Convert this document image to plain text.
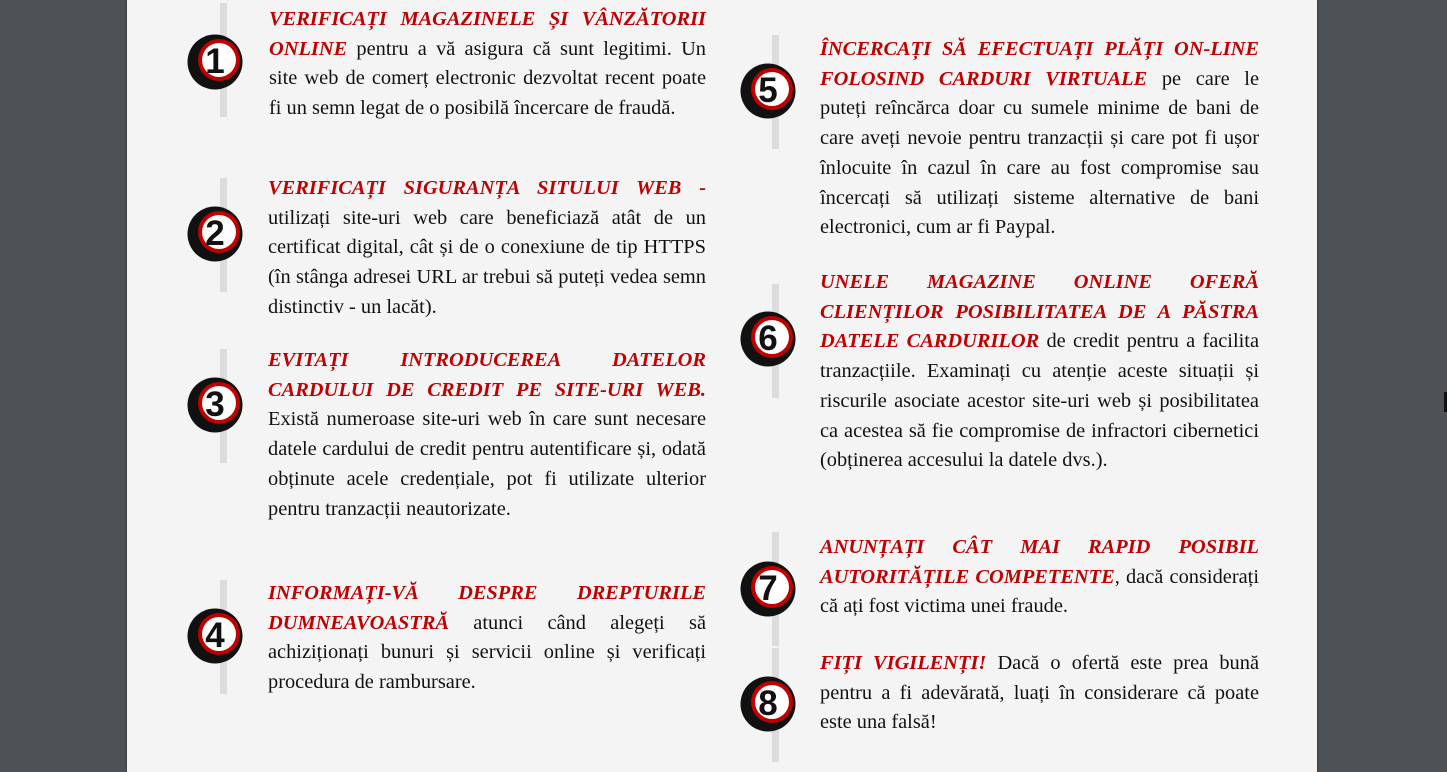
1
VERIFICAȚI MAGAZINELE ȘI VÂNZĂTORII ONLINE pentru a vă asigura că sunt legitimi. Un site web de comerț electronic dezvoltat recent poate fi un semn legat de o posibilă încercare de fraudă.
2
VERIFICAȚI SIGURANȚA SITULUI WEB - utilizați site-uri web care beneficiază atât de un certificat digital, cât și de o conexiune de tip HTTPS (în stânga adresei URL ar trebui să puteți vedea semn distinctiv - un lacăt).
3
EVITAȚI INTRODUCEREA DATELOR CARDULUI DE CREDIT PE SITE-URI WEB. Există numeroase site-uri web în care sunt necesare datele cardului de credit pentru autentificare și, odată obținute acele credențiale, pot fi utilizate ulterior pentru tranzacții neautorizate.
4
INFORMAȚI-VĂ DESPRE DREPTURILE DUMNEAVOASTRĂ atunci când alegeți să achiziționați bunuri și servicii online și verificați procedura de rambursare.
5
ÎNCERCAȚI SĂ EFECTUAȚI PLĂȚI ON-LINE FOLOSIND CARDURI VIRTUALE pe care le puteți reîncărca doar cu sumele minime de bani de care aveți nevoie pentru tranzacții și care pot fi ușor înlocuite în cazul în care au fost compromise sau încercați să utilizați sisteme alternative de bani electronici, cum ar fi Paypal.
6
UNELE MAGAZINE ONLINE OFERĂ CLIENȚILOR POSIBILITATEA DE A PĂSTRA DATELE CARDURILOR de credit pentru a facilita tranzacțiile. Examinați cu atenție aceste situații și riscurile asociate acestor site-uri web și posibilitatea ca acestea să fie compromise de infractori cibernetici (obținerea accesului la datele dvs.).
7
ANUNȚAȚI CÂT MAI RAPID POSIBIL AUTORITĂȚILE COMPETENTE, dacă considerați că ați fost victima unei fraude.
8
FIȚI VIGILENȚI! Dacă o ofertă este prea bună pentru a fi adevărată, luați în considerare că poate este una falsă!
